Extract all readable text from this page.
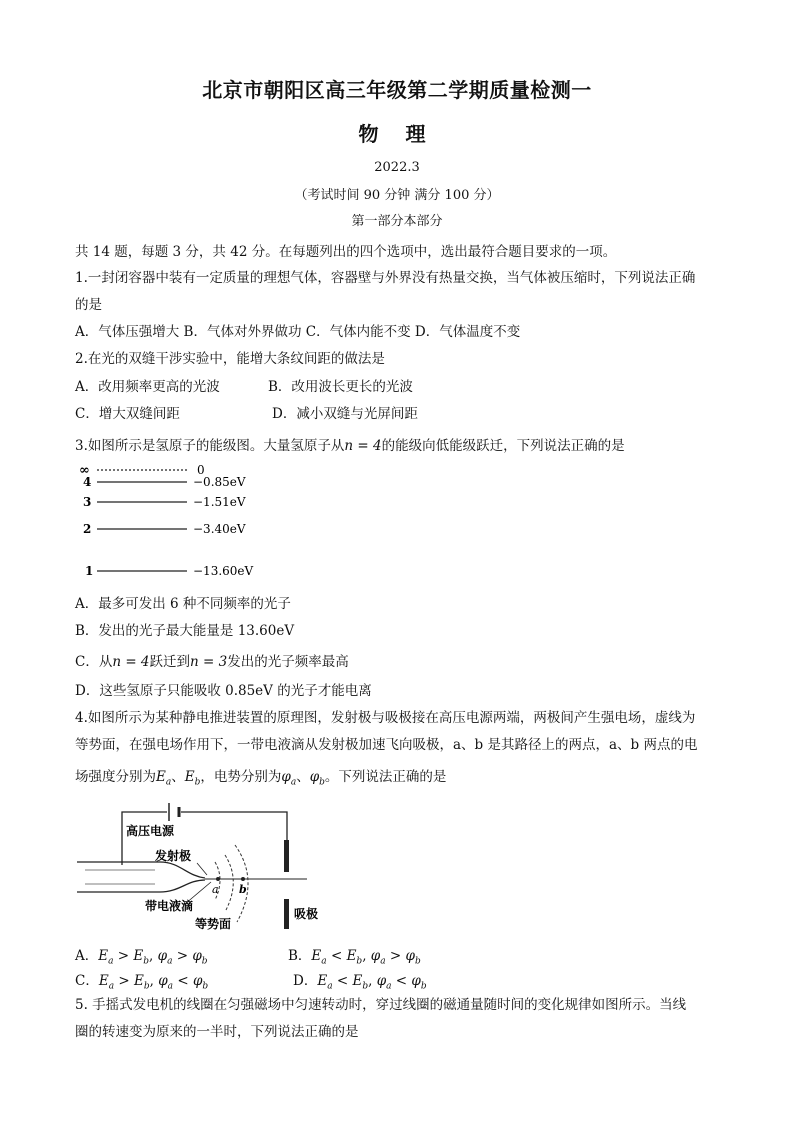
北京市朝阳区高三年级第二学期质量检测一
物 理
2022.3
（考试时间 90 分钟 满分 100 分）
第一部分本部分
共 14 题，每题 3 分，共 42 分。在每题列出的四个选项中，选出最符合题目要求的一项。
1.一封闭容器中装有一定质量的理想气体，容器壁与外界没有热量交换，当气体被压缩时，下列说法正确
的是
A．气体压强增大 B．气体对外界做功 C．气体内能不变 D．气体温度不变
2.在光的双缝干涉实验中，能增大条纹间距的做法是
A．改用频率更高的光波	B．改用波长更长的光波
C．增大双缝间距	D．减小双缝与光屏间距
3.如图所示是氢原子的能级图。大量氢原子从n = 4的能级向低能级跃迁，下列说法正确的是
∞
4
3
2
1
0
−0.85eV
−1.51eV
−3.40eV
−13.60eV
A．最多可发出 6 种不同频率的光子
B．发出的光子最大能量是 13.60eV
C．从n = 4跃迁到n = 3发出的光子频率最高
D．这些氢原子只能吸收 0.85eV 的光子才能电离
4.如图所示为某种静电推进装置的原理图，发射极与吸极接在高压电源两端，两极间产生强电场，虚线为
等势面，在强电场作用下，一带电液滴从发射极加速飞向吸极，a、b 是其路径上的两点，a、b 两点的电
场强度分别为$E_a$、$E_b$，电势分别为$\varphi_a$、$\varphi_b$。下列说法正确的是
高压电源
a b
发射极
带电液滴
等势面
吸极
A．$E_a > E_b$, $\varphi_a > \varphi_b$	B．$E_a < E_b$, $\varphi_a > \varphi_b$
C．$E_a > E_b$, $\varphi_a < \varphi_b$	D．$E_a < E_b$, $\varphi_a < \varphi_b$
5. 手摇式发电机的线圈在匀强磁场中匀速转动时，穿过线圈的磁通量随时间的变化规律如图所示。当线
圈的转速变为原来的一半时，下列说法正确的是
